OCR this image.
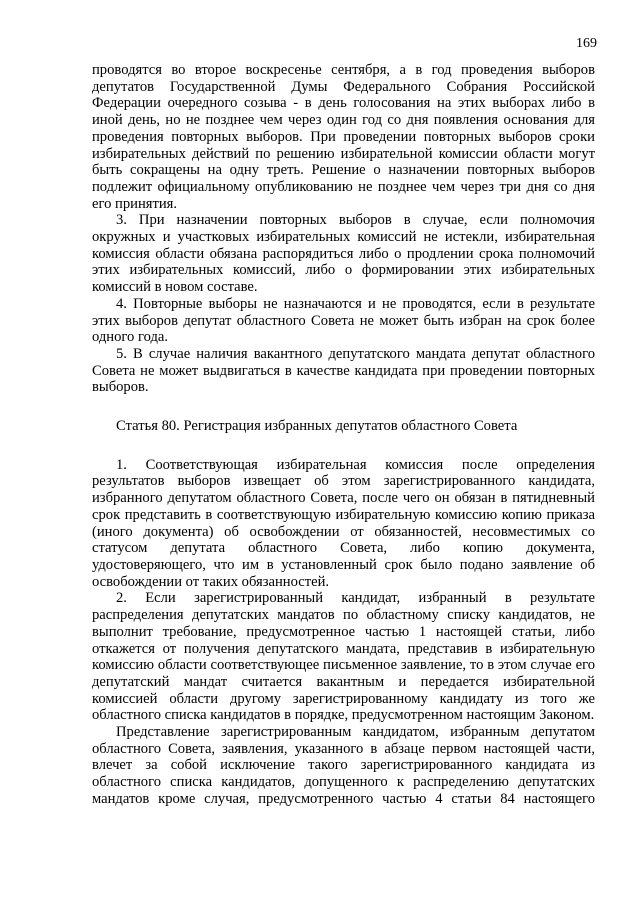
169

проводятся во второе воскресенье сентября, а в год проведения выборов депутатов Государственной Думы Федерального Собрания Российской Федерации очередного созыва - в день голосования на этих выборах либо в иной день, но не позднее чем через один год со дня появления основания для проведения повторных выборов. При проведении повторных выборов сроки избирательных действий по решению избирательной комиссии области могут быть сокращены на одну треть. Решение о назначении повторных выборов подлежит официальному опубликованию не позднее чем через три дня со дня его принятия.

3. При назначении повторных выборов в случае, если полномочия окружных и участковых избирательных комиссий не истекли, избирательная комиссия области обязана распорядиться либо о продлении срока полномочий этих избирательных комиссий, либо о формировании этих избирательных комиссий в новом составе.

4. Повторные выборы не назначаются и не проводятся, если в результате этих выборов депутат областного Совета не может быть избран на срок более одного года.

5. В случае наличия вакантного депутатского мандата депутат областного Совета не может выдвигаться в качестве кандидата при проведении повторных выборов.

Статья 80. Регистрация избранных депутатов областного Совета

1. Соответствующая избирательная комиссия после определения результатов выборов извещает об этом зарегистрированного кандидата, избранного депутатом областного Совета, после чего он обязан в пятидневный срок представить в соответствующую избирательную комиссию копию приказа (иного документа) об освобождении от обязанностей, несовместимых со статусом депутата областного Совета, либо копию документа, удостоверяющего, что им в установленный срок было подано заявление об освобождении от таких обязанностей.

2. Если зарегистрированный кандидат, избранный в результате распределения депутатских мандатов по областному списку кандидатов, не выполнит требование, предусмотренное частью 1 настоящей статьи, либо откажется от получения депутатского мандата, представив в избирательную комиссию области соответствующее письменное заявление, то в этом случае его депутатский мандат считается вакантным и передается избирательной комиссией области другому зарегистрированному кандидату из того же областного списка кандидатов в порядке, предусмотренном настоящим Законом.

Представление зарегистрированным кандидатом, избранным депутатом областного Совета, заявления, указанного в абзаце первом настоящей части, влечет за собой исключение такого зарегистрированного кандидата из областного списка кандидатов, допущенного к распределению депутатских мандатов кроме случая, предусмотренного частью 4 статьи 84 настоящего
